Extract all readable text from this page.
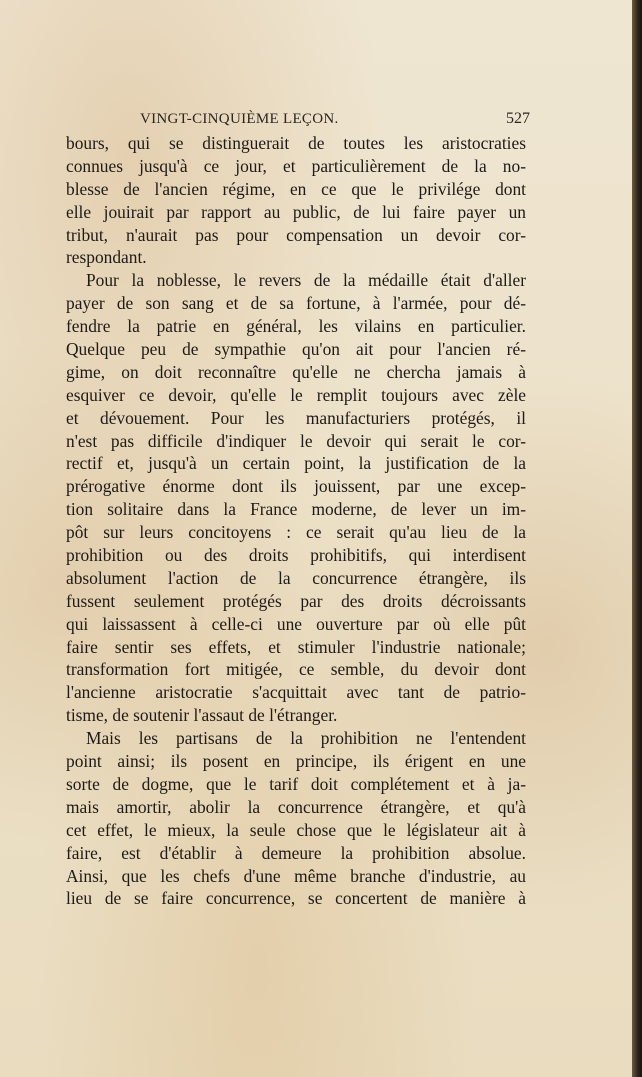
VINGT-CINQUIÈME LEÇON.	527
bours, qui se distinguerait de toutes les aristocraties
connues jusqu'à ce jour, et particulièrement de la no-
blesse de l'ancien régime, en ce que le privilége dont
elle jouirait par rapport au public, de lui faire payer un
tribut, n'aurait pas pour compensation un devoir cor-
respondant.
Pour la noblesse, le revers de la médaille était d'aller
payer de son sang et de sa fortune, à l'armée, pour dé-
fendre la patrie en général, les vilains en particulier.
Quelque peu de sympathie qu'on ait pour l'ancien ré-
gime, on doit reconnaître qu'elle ne chercha jamais à
esquiver ce devoir, qu'elle le remplit toujours avec zèle
et dévouement. Pour les manufacturiers protégés, il
n'est pas difficile d'indiquer le devoir qui serait le cor-
rectif et, jusqu'à un certain point, la justification de la
prérogative énorme dont ils jouissent, par une excep-
tion solitaire dans la France moderne, de lever un im-
pôt sur leurs concitoyens : ce serait qu'au lieu de la
prohibition ou des droits prohibitifs, qui interdisent
absolument l'action de la concurrence étrangère, ils
fussent seulement protégés par des droits décroissants
qui laissassent à celle-ci une ouverture par où elle pût
faire sentir ses effets, et stimuler l'industrie nationale;
transformation fort mitigée, ce semble, du devoir dont
l'ancienne aristocratie s'acquittait avec tant de patrio-
tisme, de soutenir l'assaut de l'étranger.
Mais les partisans de la prohibition ne l'entendent
point ainsi; ils posent en principe, ils érigent en une
sorte de dogme, que le tarif doit complétement et à ja-
mais amortir, abolir la concurrence étrangère, et qu'à
cet effet, le mieux, la seule chose que le législateur ait à
faire, est d'établir à demeure la prohibition absolue.
Ainsi, que les chefs d'une même branche d'industrie, au
lieu de se faire concurrence, se concertent de manière à
